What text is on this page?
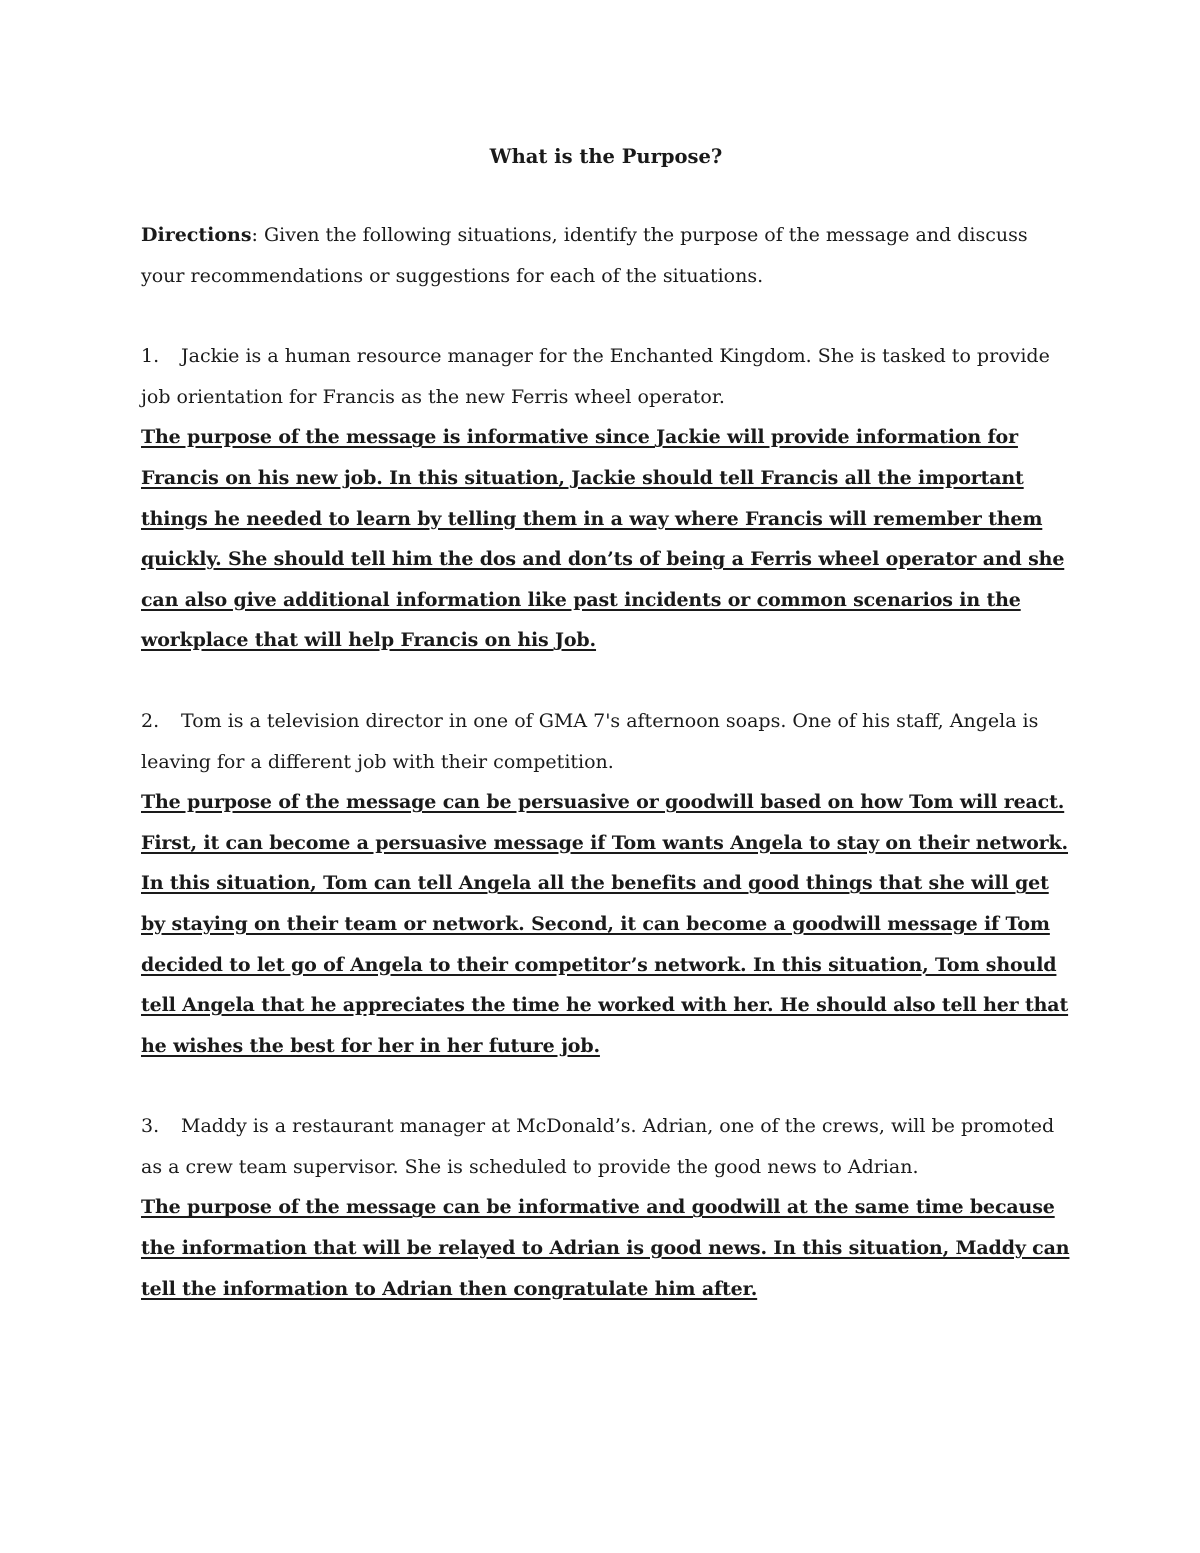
What is the Purpose?

Directions: Given the following situations, identify the purpose of the message and discuss your recommendations or suggestions for each of the situations.

1. Jackie is a human resource manager for the Enchanted Kingdom. She is tasked to provide job orientation for Francis as the new Ferris wheel operator.

The purpose of the message is informative since Jackie will provide information for Francis on his new job. In this situation, Jackie should tell Francis all the important things he needed to learn by telling them in a way where Francis will remember them quickly. She should tell him the dos and don’ts of being a Ferris wheel operator and she can also give additional information like past incidents or common scenarios in the workplace that will help Francis on his Job.

2. Tom is a television director in one of GMA 7's afternoon soaps. One of his staff, Angela is leaving for a different job with their competition.

The purpose of the message can be persuasive or goodwill based on how Tom will react. First, it can become a persuasive message if Tom wants Angela to stay on their network. In this situation, Tom can tell Angela all the benefits and good things that she will get by staying on their team or network. Second, it can become a goodwill message if Tom decided to let go of Angela to their competitor’s network. In this situation, Tom should tell Angela that he appreciates the time he worked with her. He should also tell her that he wishes the best for her in her future job.

3. Maddy is a restaurant manager at McDonald’s. Adrian, one of the crews, will be promoted as a crew team supervisor. She is scheduled to provide the good news to Adrian.

The purpose of the message can be informative and goodwill at the same time because the information that will be relayed to Adrian is good news. In this situation, Maddy can tell the information to Adrian then congratulate him after.
